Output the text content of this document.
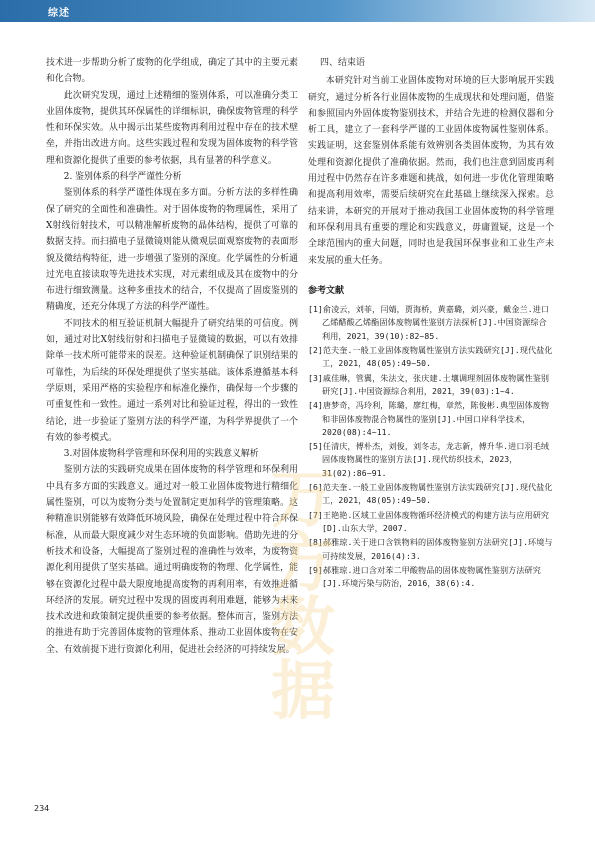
综述

技术进一步帮助分析了废物的化学组成，确定了其中的主要元素和化合物。

此次研究发现，通过上述精细的鉴别体系，可以准确分类工业固体废物，提供其环保属性的详细标识，确保废物管理的科学性和环保实效。从中揭示出某些废物再利用过程中存在的技术壁垒，并指出改进方向。这些实践过程和发现为固体废物的科学管理和资源化提供了重要的参考依据，具有显著的科学意义。

2. 鉴别体系的科学严谨性分析

鉴别体系的科学严谨性体现在多方面。分析方法的多样性确保了研究的全面性和准确性。对于固体废物的物理属性，采用了X射线衍射技术，可以精准解析废物的晶体结构，提供了可靠的数据支持。而扫描电子显微镜则能从微观层面观察废物的表面形貌及微结构特征，进一步增强了鉴别的深度。化学属性的分析通过光电直接读取等先进技术实现，对元素组成及其在废物中的分布进行细致测量。这种多重技术的结合，不仅提高了固废鉴别的精确度，还充分体现了方法的科学严谨性。

不同技术的相互验证机制大幅提升了研究结果的可信度。例如，通过对比X射线衍射和扫描电子显微镜的数据，可以有效排除单一技术所可能带来的误差。这种验证机制确保了识别结果的可靠性，为后续的环保处理提供了坚实基础。该体系遵循基本科学原则，采用严格的实验程序和标准化操作，确保每一个步骤的可重复性和一致性。通过一系列对比和验证过程，得出的一致性结论，进一步验证了鉴别方法的科学严谨，为科学界提供了一个有效的参考模式。

3.对固体废物科学管理和环保利用的实践意义解析

鉴别方法的实践研究成果在固体废物的科学管理和环保利用中具有多方面的实践意义。通过对一般工业固体废物进行精细化属性鉴别，可以为废物分类与处置制定更加科学的管理策略。这种精准识别能够有效降低环境风险，确保在处理过程中符合环保标准，从而最大限度减少对生态环境的负面影响。借助先进的分析技术和设备，大幅提高了鉴别过程的准确性与效率，为废物资源化利用提供了坚实基础。通过明确废物的物理、化学属性，能够在资源化过程中最大限度地提高废物的再利用率，有效推进循环经济的发展。研究过程中发现的固废再利用难题，能够为未来技术改进和政策制定提供重要的参考依据。整体而言，鉴别方法的推进有助于完善固体废物的管理体系、推动工业固体废物在安全、有效前提下进行资源化利用，促进社会经济的可持续发展。

四、结束语

本研究针对当前工业固体废物对环境的巨大影响展开实践研究，通过分析各行业固体废物的生成现状和处理问题，借鉴和参照国内外固体废物鉴别技术，并结合先进的检测仪器和分析工具，建立了一套科学严谨的工业固体废物属性鉴别体系。实践证明，这套鉴别体系能有效辨别各类固体废物，为其有效处理和资源化提供了准确依据。然而，我们也注意到固废再利用过程中仍然存在许多难题和挑战，如何进一步优化管理策略和提高利用效率，需要后续研究在此基础上继续深入探索。总结来讲，本研究的开展对于推动我国工业固体废物的科学管理和环保利用具有重要的理论和实践意义，毋庸置疑，这是一个全球范围内的重大问题，同时也是我国环保事业和工业生产未来发展的重大任务。

参考文献

[1]俞凌云，刘菲，闫婧，贾海桥，黄嘉璐，刘兴豪，戴金兰.进口乙烯醋酸乙烯酯固体废物属性鉴别方法探析[J].中国资源综合利用，2021，39(10):82~85.

[2]范夫奎.一般工业固体废物属性鉴别方法实践研究[J].现代盐化工，2021，48(05):49~50.

[3]戚佳琳，管翼，朱法文，张庆建.土壤调理剂固体废物属性鉴别研究[J].中国资源综合利用，2021，39(03):1~4.

[4]唐梦奇，冯玲利，陈璐，廖红梅，章然，陈俊彬.典型固体废物和非固体废物混合物属性的鉴别[J].中国口岸科学技术，2020(08):4~11.

[5]任清庆，傅朴杰，刘俊，刘冬志，龙志新，傅升华.进口羽毛绒固体废物属性的鉴别方法[J].现代纺织技术，2023，31(02):86~91.

[6]范夫奎.一般工业固体废物属性鉴别方法实践研究[J].现代盐化工，2021，48(05):49~50.

[7]王艳艳.区域工业固体废物循环经济模式的构建方法与应用研究[D].山东大学，2007.

[8]郝雅琼.关于进口含铁物料的固体废物鉴别方法研究[J].环境与可持续发展，2016(4):3.

[9]郝雅琼.进口含对苯二甲酸物品的固体废物属性鉴别方法研究[J].环境污染与防治，2016，38(6):4.

万
方
数
据
234
